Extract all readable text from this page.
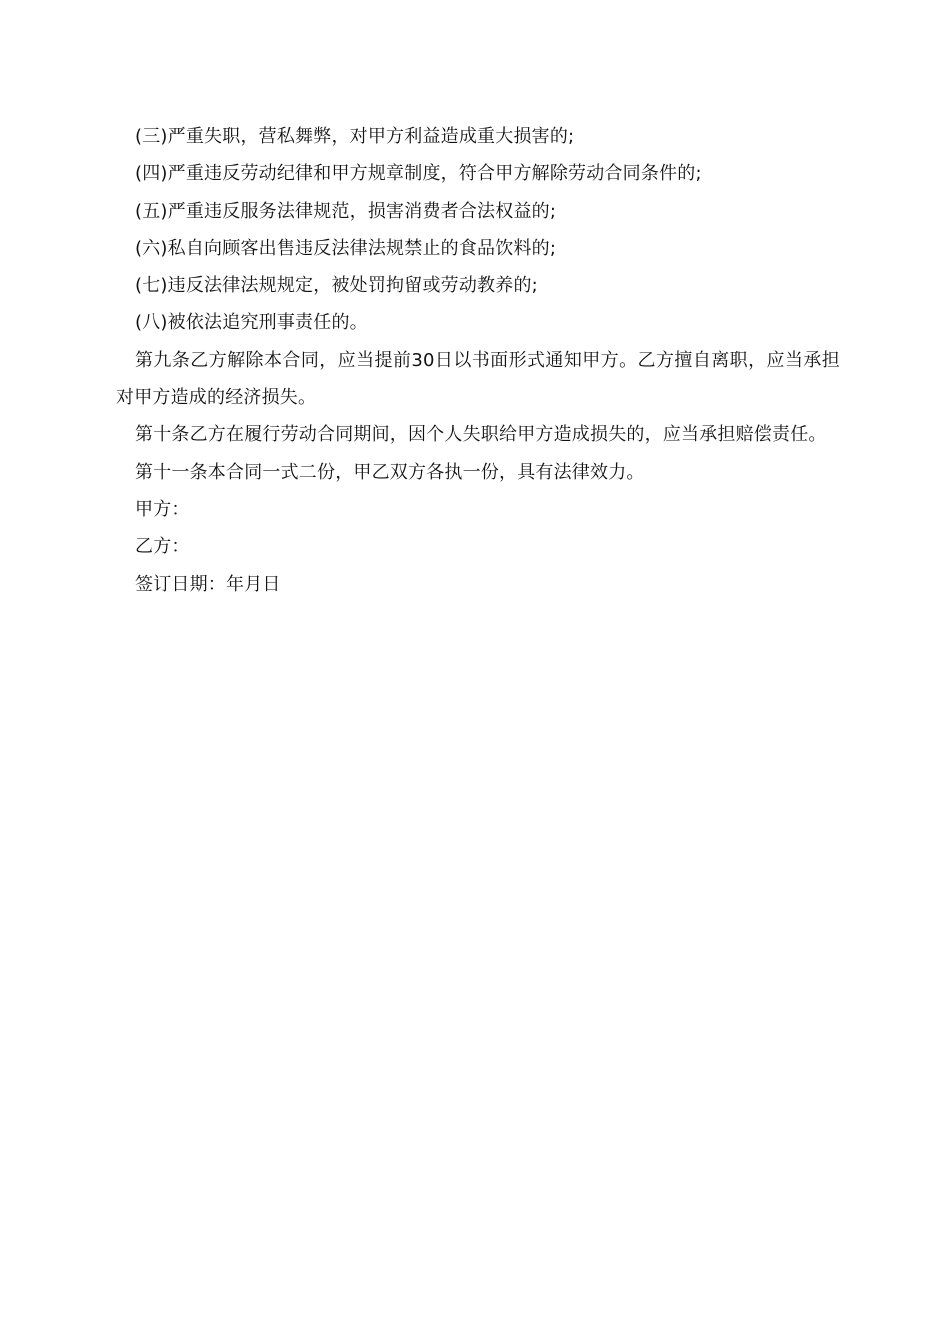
(三)严重失职，营私舞弊，对甲方利益造成重大损害的;

(四)严重违反劳动纪律和甲方规章制度，符合甲方解除劳动合同条件的;

(五)严重违反服务法律规范，损害消费者合法权益的;

(六)私自向顾客出售违反法律法规禁止的食品饮料的;

(七)违反法律法规规定，被处罚拘留或劳动教养的;

(八)被依法追究刑事责任的。

第九条乙方解除本合同，应当提前30日以书面形式通知甲方。乙方擅自离职，应当承担对甲方造成的经济损失。

第十条乙方在履行劳动合同期间，因个人失职给甲方造成损失的，应当承担赔偿责任。

第十一条本合同一式二份，甲乙双方各执一份，具有法律效力。

甲方：

乙方：

签订日期：年月日
